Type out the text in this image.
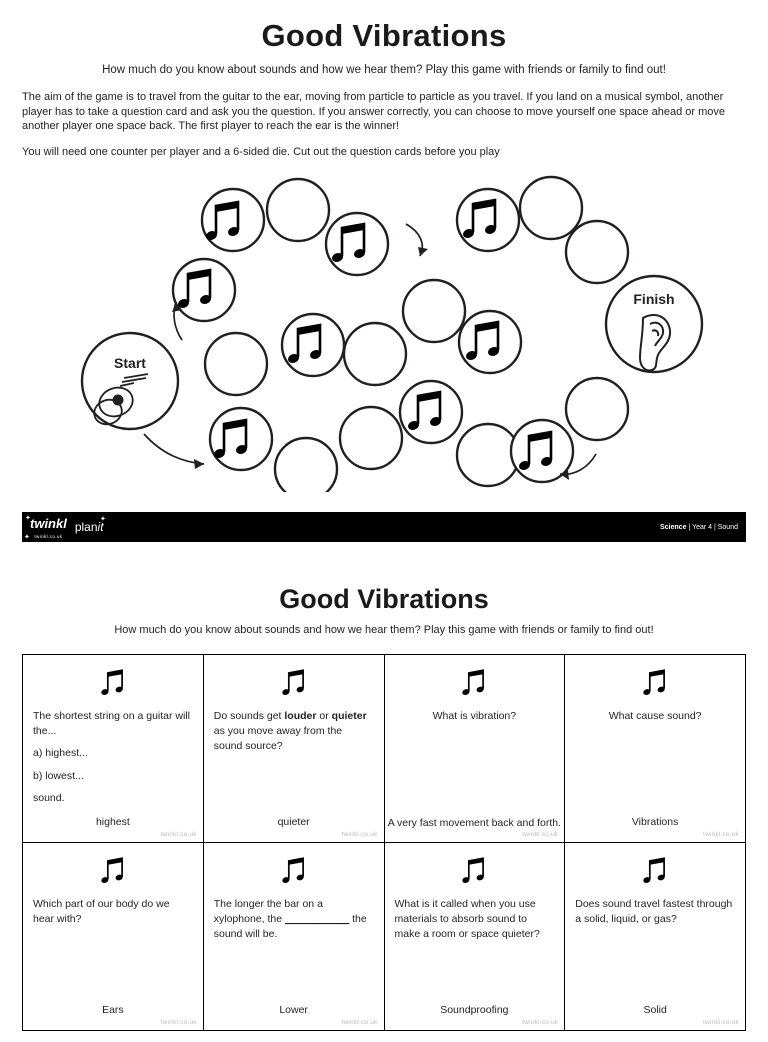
Good Vibrations

How much do you know about sounds and how we hear them? Play this game with friends or family to find out!

The aim of the game is to travel from the guitar to the ear, moving from particle to particle as you travel. If you land on a musical symbol, another player has to take a question card and ask you the question. If you answer correctly, you can choose to move yourself one space ahead or move another player one space back. The first player to reach the ear is the winner!

You will need one counter per player and a 6-sided die. Cut out the question cards before you play

Start
Finish
✦
✦
✦
twinkl
twinkl.co.uk
planit	Science | Year 4 | Sound
Good Vibrations

How much do you know about sounds and how we hear them? Play this game with friends or family to find out!

The shortest string on a guitar will the...

a) highest...

b) lowest...

sound.

highest
twinkl.co.uk

Do sounds get louder or quieter as you move away from the sound source?

quieter
twinkl.co.uk

What is vibration?

A very fast movement back and forth.
twinkl.co.uk

What cause sound?

Vibrations
twinkl.co.uk

Which part of our body do we hear with?

Ears
twinkl.co.uk

The longer the bar on a xylophone, the ___________ the sound will be.

Lower
twinkl.co.uk

What is it called when you use materials to absorb sound to make a room or space quieter?

Soundproofing
twinkl.co.uk

Does sound travel fastest through a solid, liquid, or gas?

Solid
twinkl.co.uk
